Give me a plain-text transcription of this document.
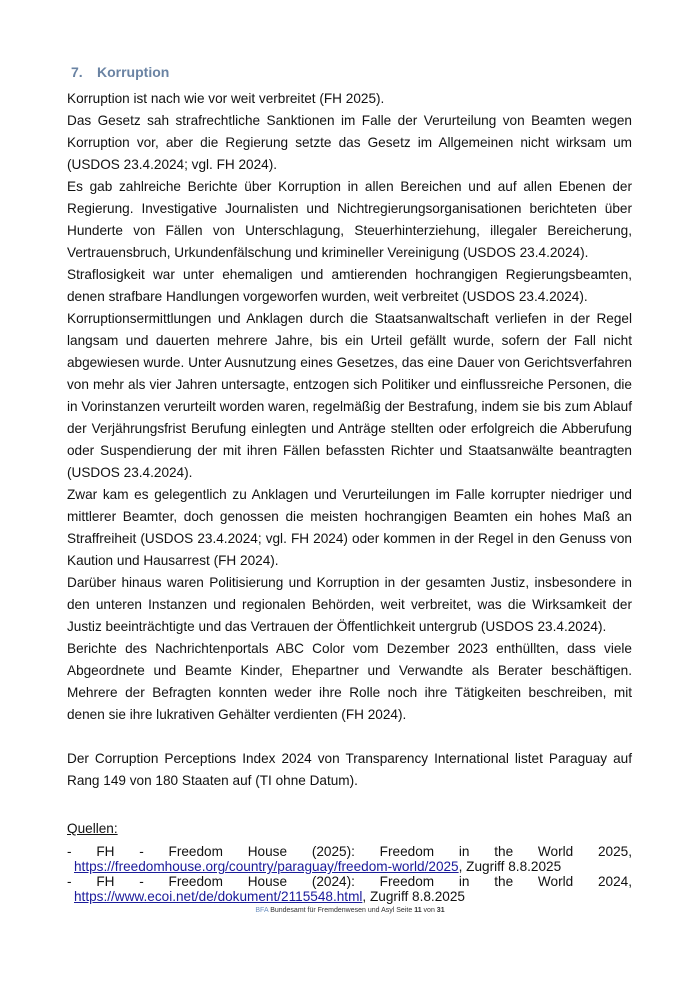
7. Korruption

Korruption ist nach wie vor weit verbreitet (FH 2025).

Das Gesetz sah strafrechtliche Sanktionen im Falle der Verurteilung von Beamten wegen Korruption vor, aber die Regierung setzte das Gesetz im Allgemeinen nicht wirksam um (USDOS 23.4.2024; vgl. FH 2024).

Es gab zahlreiche Berichte über Korruption in allen Bereichen und auf allen Ebenen der Regierung. Investigative Journalisten und Nichtregierungsorganisationen berichteten über Hunderte von Fällen von Unterschlagung, Steuerhinterziehung, illegaler Bereicherung, Vertrauensbruch, Urkundenfälschung und krimineller Vereinigung (USDOS 23.4.2024).

Straflosigkeit war unter ehemaligen und amtierenden hochrangigen Regierungsbeamten, denen strafbare Handlungen vorgeworfen wurden, weit verbreitet (USDOS 23.4.2024).

Korruptionsermittlungen und Anklagen durch die Staatsanwaltschaft verliefen in der Regel langsam und dauerten mehrere Jahre, bis ein Urteil gefällt wurde, sofern der Fall nicht abgewiesen wurde. Unter Ausnutzung eines Gesetzes, das eine Dauer von Gerichtsverfahren von mehr als vier Jahren untersagte, entzogen sich Politiker und einflussreiche Personen, die in Vorinstanzen verurteilt worden waren, regelmäßig der Bestrafung, indem sie bis zum Ablauf der Verjährungsfrist Berufung einlegten und Anträge stellten oder erfolgreich die Abberufung oder Suspendierung der mit ihren Fällen befassten Richter und Staatsanwälte beantragten (USDOS 23.4.2024).

Zwar kam es gelegentlich zu Anklagen und Verurteilungen im Falle korrupter niedriger und mittlerer Beamter, doch genossen die meisten hochrangigen Beamten ein hohes Maß an Straffreiheit (USDOS 23.4.2024; vgl. FH 2024) oder kommen in der Regel in den Genuss von Kaution und Hausarrest (FH 2024).

Darüber hinaus waren Politisierung und Korruption in der gesamten Justiz, insbesondere in den unteren Instanzen und regionalen Behörden, weit verbreitet, was die Wirksamkeit der Justiz beeinträchtigte und das Vertrauen der Öffentlichkeit untergrub (USDOS 23.4.2024).

Berichte des Nachrichtenportals ABC Color vom Dezember 2023 enthüllten, dass viele Abgeordnete und Beamte Kinder, Ehepartner und Verwandte als Berater beschäftigen. Mehrere der Befragten konnten weder ihre Rolle noch ihre Tätigkeiten beschreiben, mit denen sie ihre lukrativen Gehälter verdienten (FH 2024).

Der Corruption Perceptions Index 2024 von Transparency International listet Paraguay auf Rang 149 von 180 Staaten auf (TI ohne Datum).

Quellen:

- FH - Freedom House (2025): Freedom in the World 2025,
https://freedomhouse.org/country/paraguay/freedom-world/2025, Zugriff 8.8.2025

- FH - Freedom House (2024): Freedom in the World 2024,
https://www.ecoi.net/de/dokument/2115548.html, Zugriff 8.8.2025

BFA Bundesamt für Fremdenwesen und Asyl Seite 11 von 31
